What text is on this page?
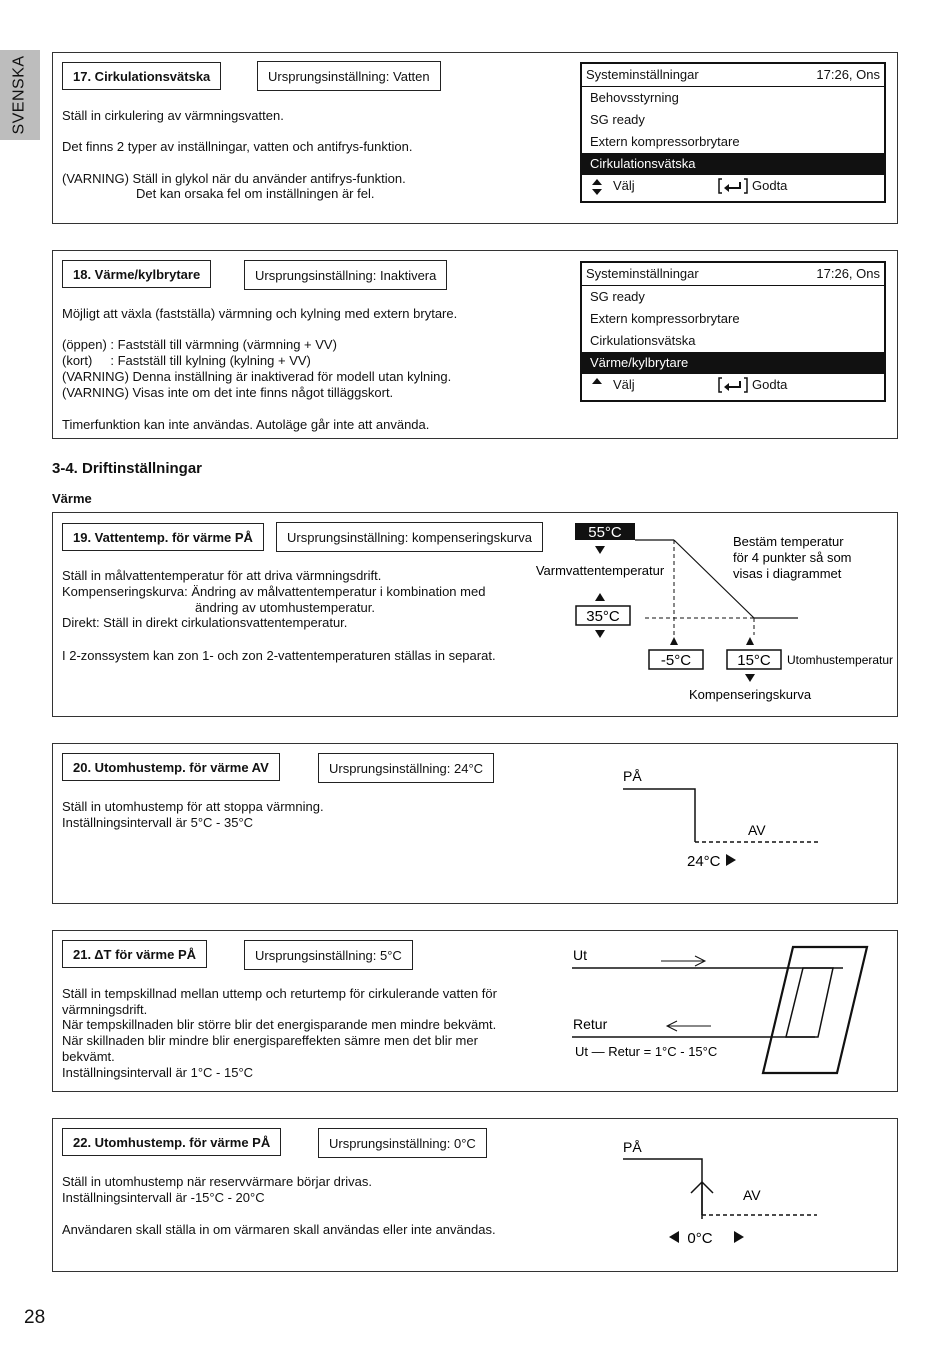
SVENSKA	17. Cirkulationsvätska	Ursprungsinställning: Vatten
Ställ in cirkulering av värmningsvatten.
Det finns 2 typer av inställningar, vatten och antifrys-funktion.
(VARNING) Ställ in glykol när du använder antifrys-funktion.
Det kan orsaka fel om inställningen är fel.
Systeminställningar	17:26, Ons
Behovsstyrning
SG ready
Extern kompressorbrytare
Cirkulationsvätska
Välj	Godta
18. Värme/kylbrytare	Ursprungsinställning: Inaktivera
Möjligt att växla (fastställa) värmning och kylning med extern brytare.
(öppen) : Fastställ till värmning (värmning + VV)
(kort)     : Fastställ till kylning (kylning + VV)
(VARNING) Denna inställning är inaktiverad för modell utan kylning.
(VARNING) Visas inte om det inte finns något tilläggskort.
Timerfunktion kan inte användas. Autoläge går inte att använda.
Systeminställningar	17:26, Ons
SG ready
Extern kompressorbrytare
Cirkulationsvätska
Värme/kylbrytare
Välj	Godta
3-4. Driftinställningar
Värme
19. Vattentemp. för värme PÅ	Ursprungsinställning: kompenseringskurva
Ställ in målvattentemperatur för att driva värmningsdrift.
Kompenseringskurva: Ändring av målvattentemperatur i kombination med
ändring av utomhustemperatur.
Direkt: Ställ in direkt cirkulationsvattentemperatur.
I 2-zonssystem kan zon 1- och zon 2-vattentemperaturen ställas in separat.
55°C
Varmvattentemperatur
35°C
-5°C	15°C Utomhustemperatur
Kompenseringskurva
Bestäm temperatur
för 4 punkter så som
visas i diagrammet
20. Utomhustemp. för värme AV	Ursprungsinställning: 24°C
Ställ in utomhustemp för att stoppa värmning.
Inställningsintervall är 5°C - 35°C
PÅ
AV
24°C
21. ΔT för värme PÅ	Ursprungsinställning: 5°C
Ställ in tempskillnad mellan uttemp och returtemp för cirkulerande vatten för
värmningsdrift.
När tempskillnaden blir större blir det energisparande men mindre bekvämt.
När skillnaden blir mindre blir energispareffekten sämre men det blir mer
bekvämt.
Inställningsintervall är 1°C - 15°C
Ut
Retur
Ut — Retur = 1°C - 15°C
22. Utomhustemp. för värme PÅ	Ursprungsinställning: 0°C
Ställ in utomhustemp när reservvärmare börjar drivas.
Inställningsintervall är -15°C - 20°C
Användaren skall ställa in om värmaren skall användas eller inte användas.
PÅ
AV
0°C
28
